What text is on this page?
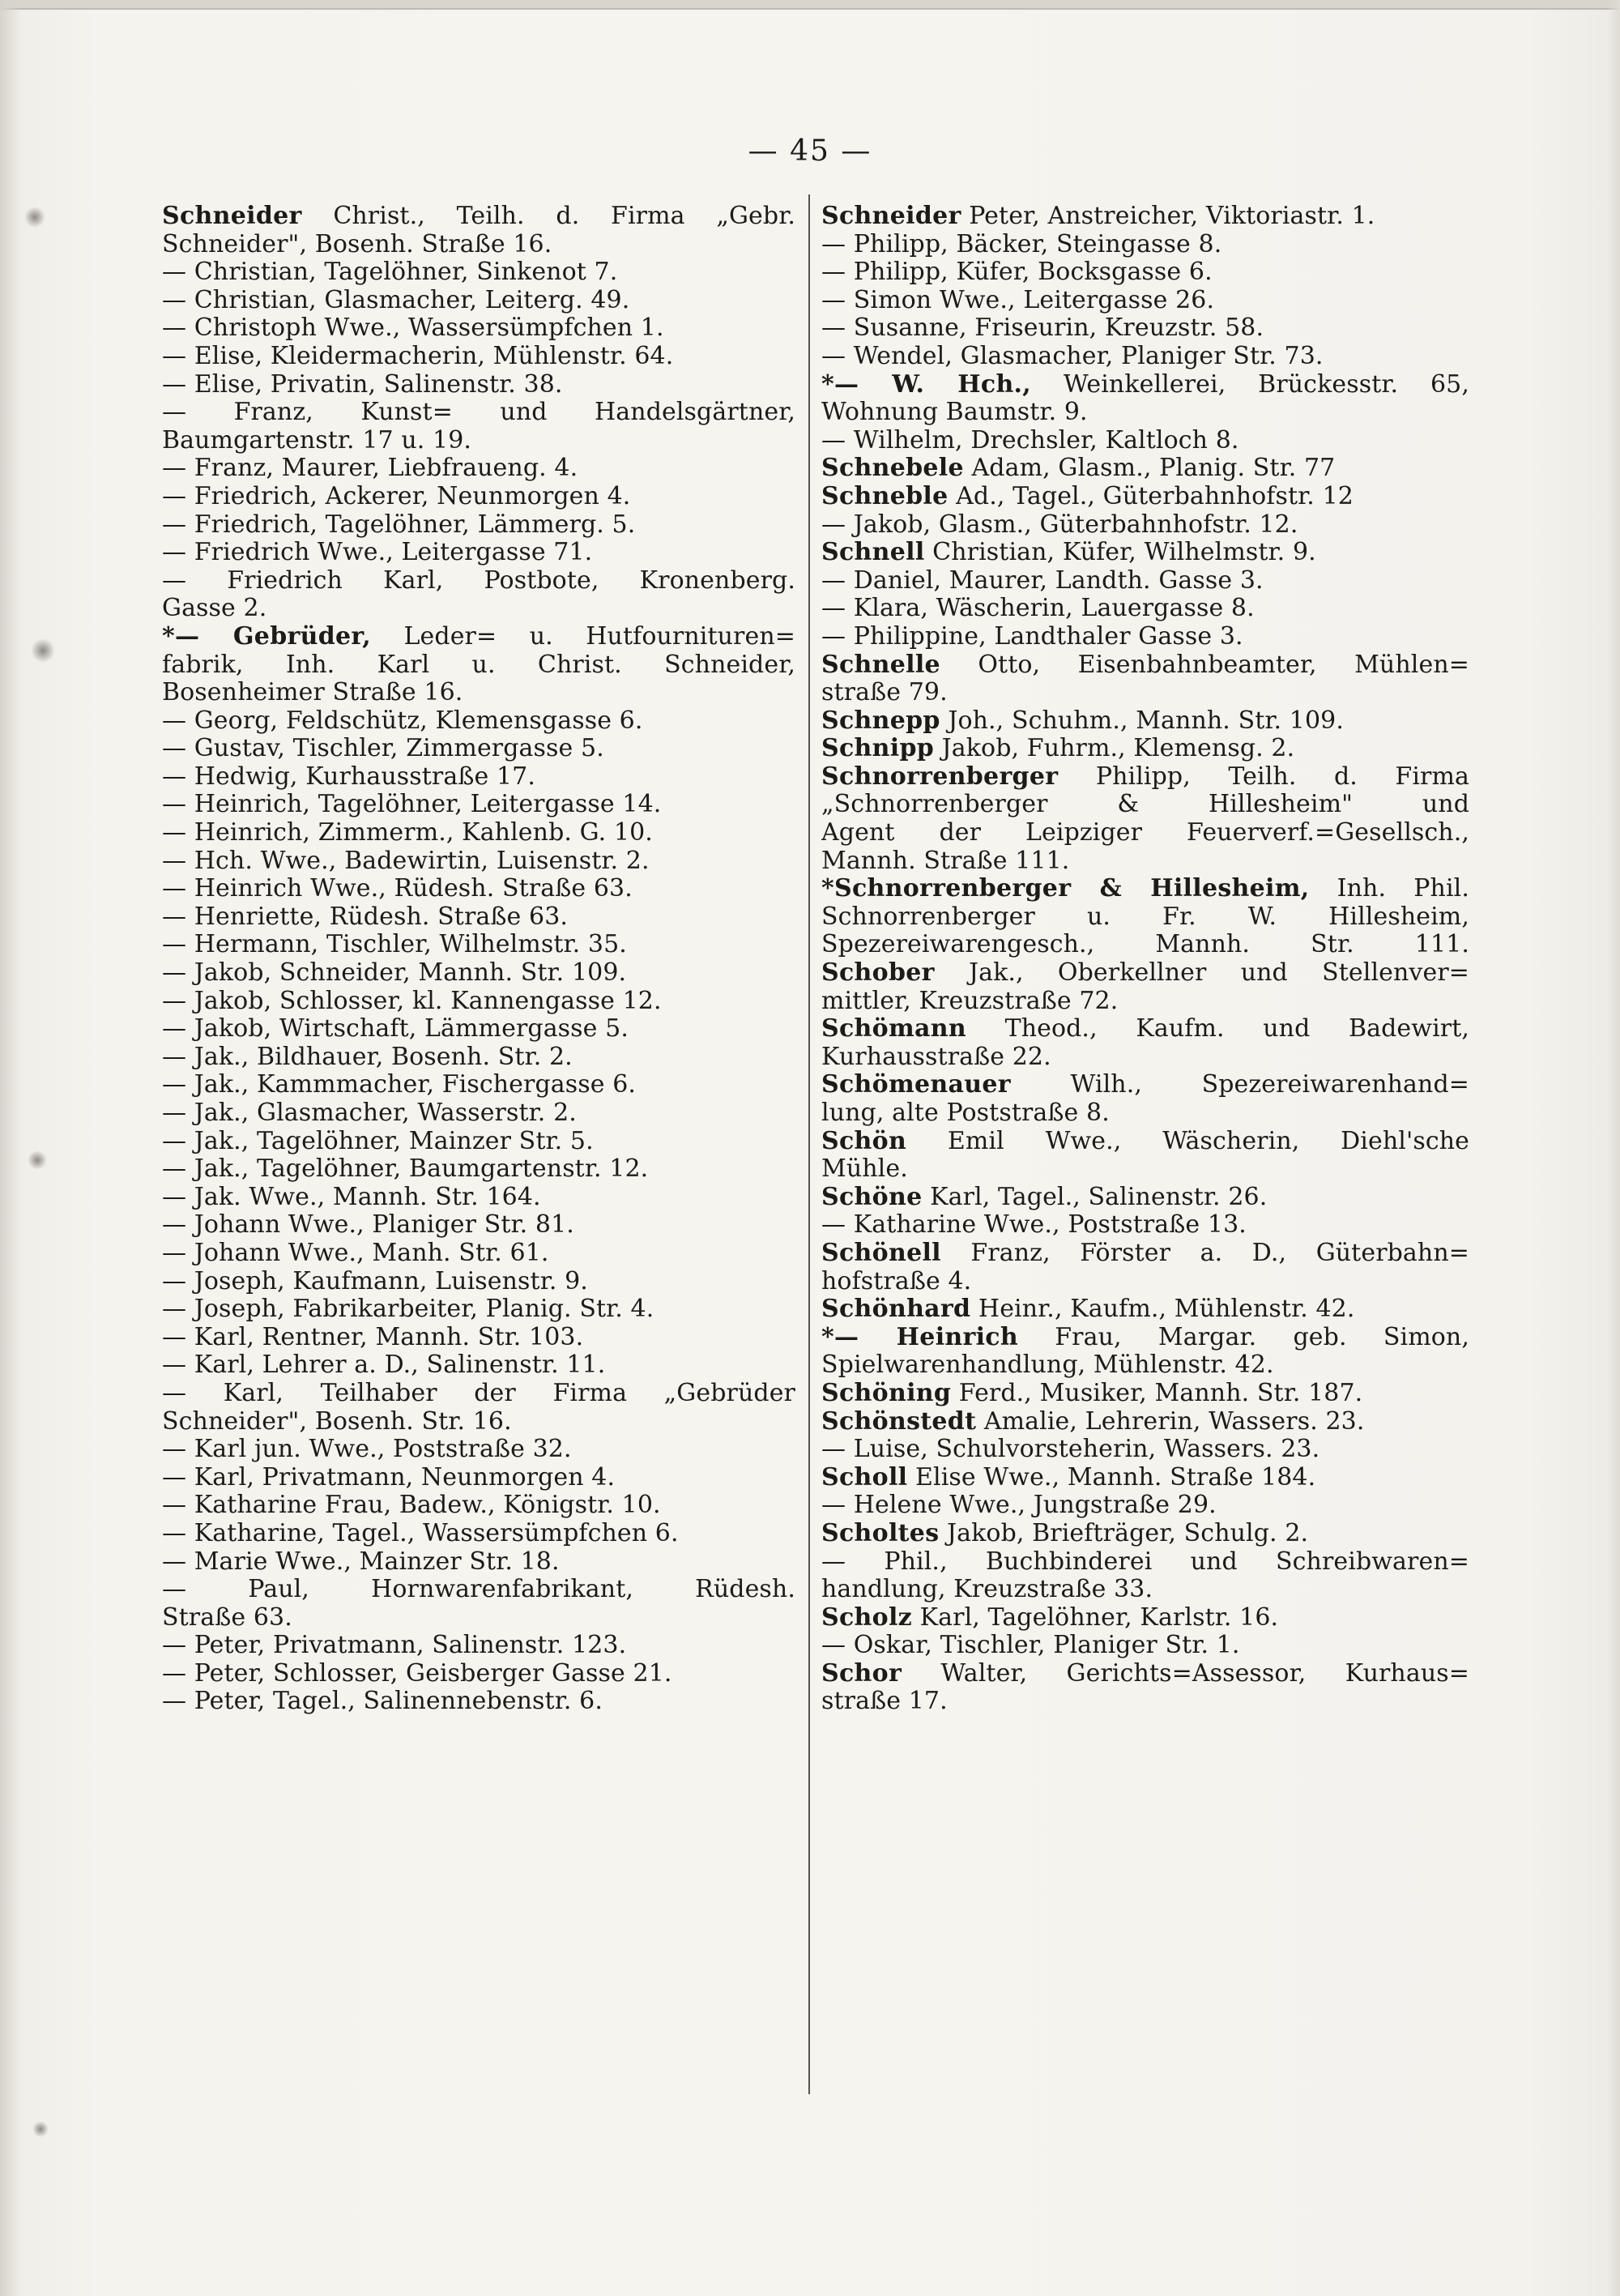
— 45 —
Schneider Christ., Teilh. d. Firma „Gebr.
Schneider", Bosenh. Straße 16.
— Christian, Tagelöhner, Sinkenot 7.
— Christian, Glasmacher, Leiterg. 49.
— Christoph Wwe., Wassersümpfchen 1.
— Elise, Kleidermacherin, Mühlenstr. 64.
— Elise, Privatin, Salinenstr. 38.
— Franz, Kunst= und Handelsgärtner,
Baumgartenstr. 17 u. 19.
— Franz, Maurer, Liebfraueng. 4.
— Friedrich, Ackerer, Neunmorgen 4.
— Friedrich, Tagelöhner, Lämmerg. 5.
— Friedrich Wwe., Leitergasse 71.
— Friedrich Karl, Postbote, Kronenberg.
Gasse 2.
*— Gebrüder, Leder= u. Hutfournituren=
fabrik, Inh. Karl u. Christ. Schneider,
Bosenheimer Straße 16.
— Georg, Feldschütz, Klemensgasse 6.
— Gustav, Tischler, Zimmergasse 5.
— Hedwig, Kurhausstraße 17.
— Heinrich, Tagelöhner, Leitergasse 14.
— Heinrich, Zimmerm., Kahlenb. G. 10.
— Hch. Wwe., Badewirtin, Luisenstr. 2.
— Heinrich Wwe., Rüdesh. Straße 63.
— Henriette, Rüdesh. Straße 63.
— Hermann, Tischler, Wilhelmstr. 35.
— Jakob, Schneider, Mannh. Str. 109.
— Jakob, Schlosser, kl. Kannengasse 12.
— Jakob, Wirtschaft, Lämmergasse 5.
— Jak., Bildhauer, Bosenh. Str. 2.
— Jak., Kammmacher, Fischergasse 6.
— Jak., Glasmacher, Wasserstr. 2.
— Jak., Tagelöhner, Mainzer Str. 5.
— Jak., Tagelöhner, Baumgartenstr. 12.
— Jak. Wwe., Mannh. Str. 164.
— Johann Wwe., Planiger Str. 81.
— Johann Wwe., Manh. Str. 61.
— Joseph, Kaufmann, Luisenstr. 9.
— Joseph, Fabrikarbeiter, Planig. Str. 4.
— Karl, Rentner, Mannh. Str. 103.
— Karl, Lehrer a. D., Salinenstr. 11.
— Karl, Teilhaber der Firma „Gebrüder
Schneider", Bosenh. Str. 16.
— Karl jun. Wwe., Poststraße 32.
— Karl, Privatmann, Neunmorgen 4.
— Katharine Frau, Badew., Königstr. 10.
— Katharine, Tagel., Wassersümpfchen 6.
— Marie Wwe., Mainzer Str. 18.
— Paul, Hornwarenfabrikant, Rüdesh.
Straße 63.
— Peter, Privatmann, Salinenstr. 123.
— Peter, Schlosser, Geisberger Gasse 21.
— Peter, Tagel., Salinennebenstr. 6.
Schneider Peter, Anstreicher, Viktoriastr. 1.
— Philipp, Bäcker, Steingasse 8.
— Philipp, Küfer, Bocksgasse 6.
— Simon Wwe., Leitergasse 26.
— Susanne, Friseurin, Kreuzstr. 58.
— Wendel, Glasmacher, Planiger Str. 73.
*— W. Hch., Weinkellerei, Brückesstr. 65,
Wohnung Baumstr. 9.
— Wilhelm, Drechsler, Kaltloch 8.
Schnebele Adam, Glasm., Planig. Str. 77
Schneble Ad., Tagel., Güterbahnhofstr. 12
— Jakob, Glasm., Güterbahnhofstr. 12.
Schnell Christian, Küfer, Wilhelmstr. 9.
— Daniel, Maurer, Landth. Gasse 3.
— Klara, Wäscherin, Lauergasse 8.
— Philippine, Landthaler Gasse 3.
Schnelle Otto, Eisenbahnbeamter, Mühlen=
straße 79.
Schnepp Joh., Schuhm., Mannh. Str. 109.
Schnipp Jakob, Fuhrm., Klemensg. 2.
Schnorrenberger Philipp, Teilh. d. Firma
„Schnorrenberger & Hillesheim" und
Agent der Leipziger Feuerverf.=Gesellsch.,
Mannh. Straße 111.
*Schnorrenberger & Hillesheim, Inh. Phil.
Schnorrenberger u. Fr. W. Hillesheim,
Spezereiwarengesch., Mannh. Str. 111.
Schober Jak., Oberkellner und Stellenver=
mittler, Kreuzstraße 72.
Schömann Theod., Kaufm. und Badewirt,
Kurhausstraße 22.
Schömenauer Wilh., Spezereiwarenhand=
lung, alte Poststraße 8.
Schön Emil Wwe., Wäscherin, Diehl'sche
Mühle.
Schöne Karl, Tagel., Salinenstr. 26.
— Katharine Wwe., Poststraße 13.
Schönell Franz, Förster a. D., Güterbahn=
hofstraße 4.
Schönhard Heinr., Kaufm., Mühlenstr. 42.
*— Heinrich Frau, Margar. geb. Simon,
Spielwarenhandlung, Mühlenstr. 42.
Schöning Ferd., Musiker, Mannh. Str. 187.
Schönstedt Amalie, Lehrerin, Wassers. 23.
— Luise, Schulvorsteherin, Wassers. 23.
Scholl Elise Wwe., Mannh. Straße 184.
— Helene Wwe., Jungstraße 29.
Scholtes Jakob, Briefträger, Schulg. 2.
— Phil., Buchbinderei und Schreibwaren=
handlung, Kreuzstraße 33.
Scholz Karl, Tagelöhner, Karlstr. 16.
— Oskar, Tischler, Planiger Str. 1.
Schor Walter, Gerichts=Assessor, Kurhaus=
straße 17.
